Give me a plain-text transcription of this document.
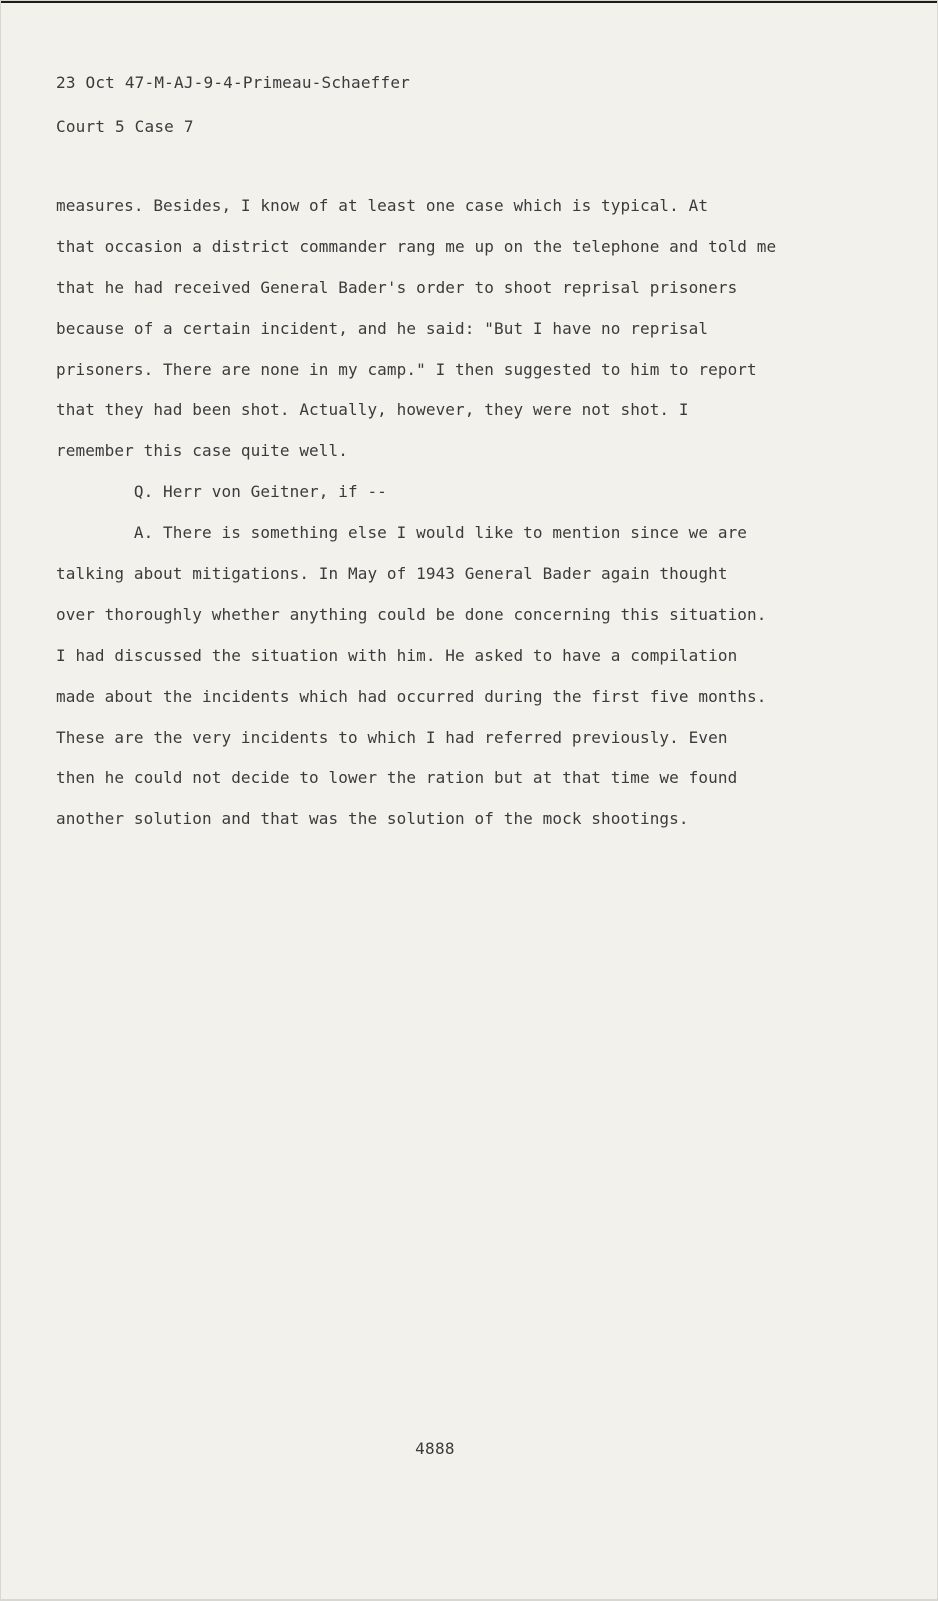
23 Oct 47-M-AJ-9-4-Primeau-Schaeffer
Court 5 Case 7
measures. Besides, I know of at least one case which is typical. At
that occasion a district commander rang me up on the telephone and told me
that he had received General Bader's order to shoot reprisal prisoners
because of a certain incident, and he said: "But I have no reprisal
prisoners. There are none in my camp." I then suggested to him to report
that they had been shot. Actually, however, they were not shot. I
remember this case quite well.
Q. Herr von Geitner, if --
A. There is something else I would like to mention since we are
talking about mitigations. In May of 1943 General Bader again thought
over thoroughly whether anything could be done concerning this situation.
I had discussed the situation with him. He asked to have a compilation
made about the incidents which had occurred during the first five months.
These are the very incidents to which I had referred previously. Even
then he could not decide to lower the ration but at that time we found
another solution and that was the solution of the mock shootings.
4888
